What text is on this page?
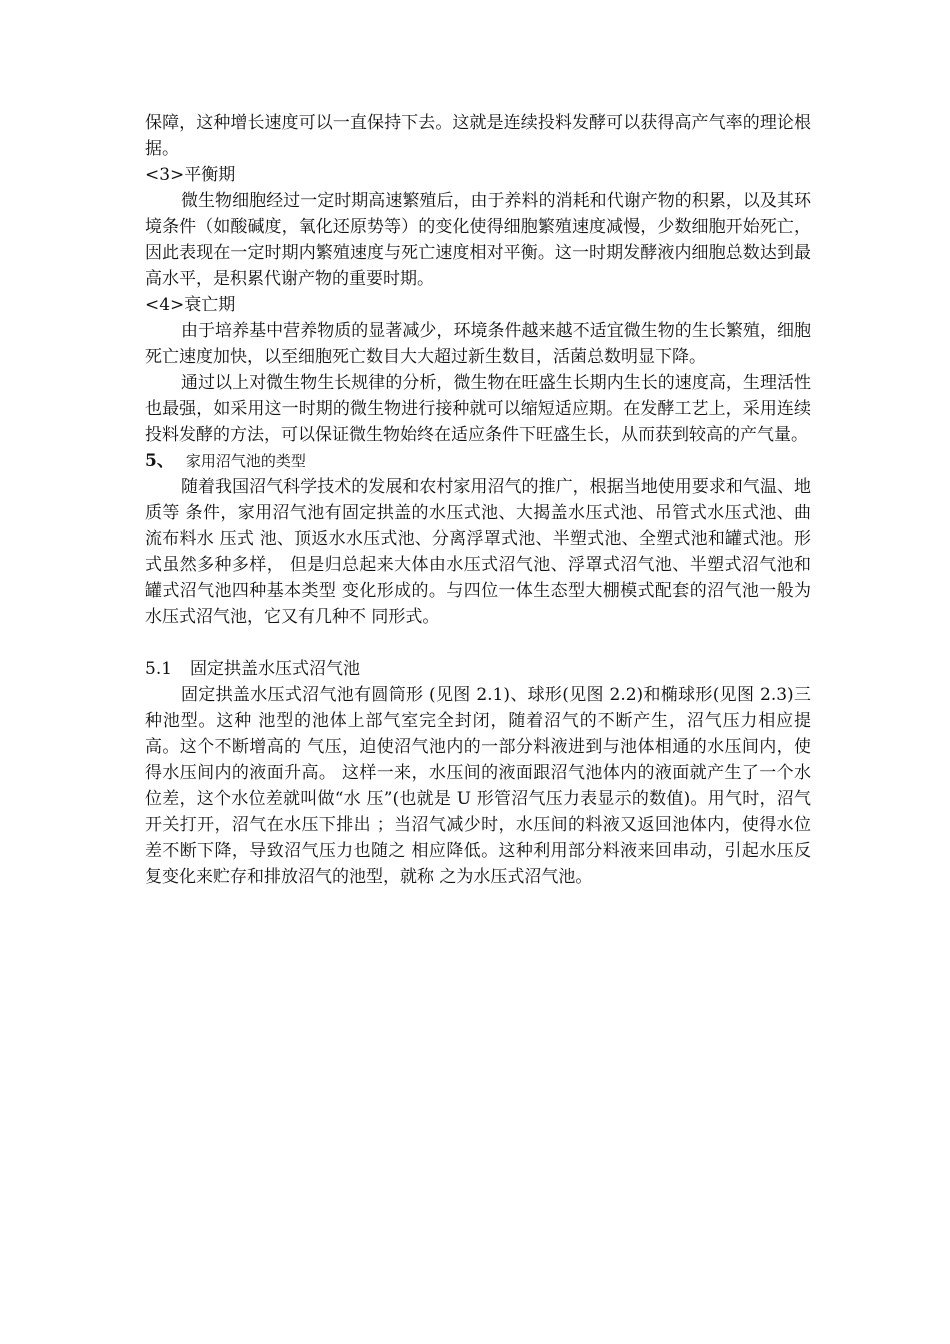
保障，这种增长速度可以一直保持下去。这就是连续投料发酵可以获得高产气率的理论根据。

<3>平衡期

微生物细胞经过一定时期高速繁殖后，由于养料的消耗和代谢产物的积累，以及其环境条件（如酸碱度，氧化还原势等）的变化使得细胞繁殖速度减慢，少数细胞开始死亡，因此表现在一定时期内繁殖速度与死亡速度相对平衡。这一时期发酵液内细胞总数达到最高水平，是积累代谢产物的重要时期。

<4>衰亡期

由于培养基中营养物质的显著减少，环境条件越来越不适宜微生物的生长繁殖，细胞死亡速度加快，以至细胞死亡数目大大超过新生数目，活菌总数明显下降。

通过以上对微生物生长规律的分析，微生物在旺盛生长期内生长的速度高，生理活性也最强，如采用这一时期的微生物进行接种就可以缩短适应期。在发酵工艺上，采用连续投料发酵的方法，可以保证微生物始终在适应条件下旺盛生长，从而获到较高的产气量。

5、 家用沼气池的类型

随着我国沼气科学技术的发展和农村家用沼气的推广，根据当地使用要求和气温、地质等 条件，家用沼气池有固定拱盖的水压式池、大揭盖水压式池、吊管式水压式池、曲流布料水 压式 池、顶返水水压式池、分离浮罩式池、半塑式池、全塑式池和罐式池。形式虽然多种多样， 但是归总起来大体由水压式沼气池、浮罩式沼气池、半塑式沼气池和罐式沼气池四种基本类型 变化形成的。与四位一体生态型大棚模式配套的沼气池一般为水压式沼气池，它又有几种不 同形式。

5.1 固定拱盖水压式沼气池

固定拱盖水压式沼气池有圆筒形 (见图 2.1)、球形(见图 2.2)和椭球形(见图 2.3)三种池型。这种 池型的池体上部气室完全封闭，随着沼气的不断产生，沼气压力相应提高。这个不断增高的 气压，迫使沼气池内的一部分料液进到与池体相通的水压间内，使得水压间内的液面升高。 这样一来，水压间的液面跟沼气池体内的液面就产生了一个水位差，这个水位差就叫做“水 压”(也就是 U 形管沼气压力表显示的数值)。用气时，沼气开关打开，沼气在水压下排出 ；当沼气减少时，水压间的料液又返回池体内，使得水位差不断下降，导致沼气压力也随之 相应降低。这种利用部分料液来回串动，引起水压反复变化来贮存和排放沼气的池型，就称 之为水压式沼气池。
